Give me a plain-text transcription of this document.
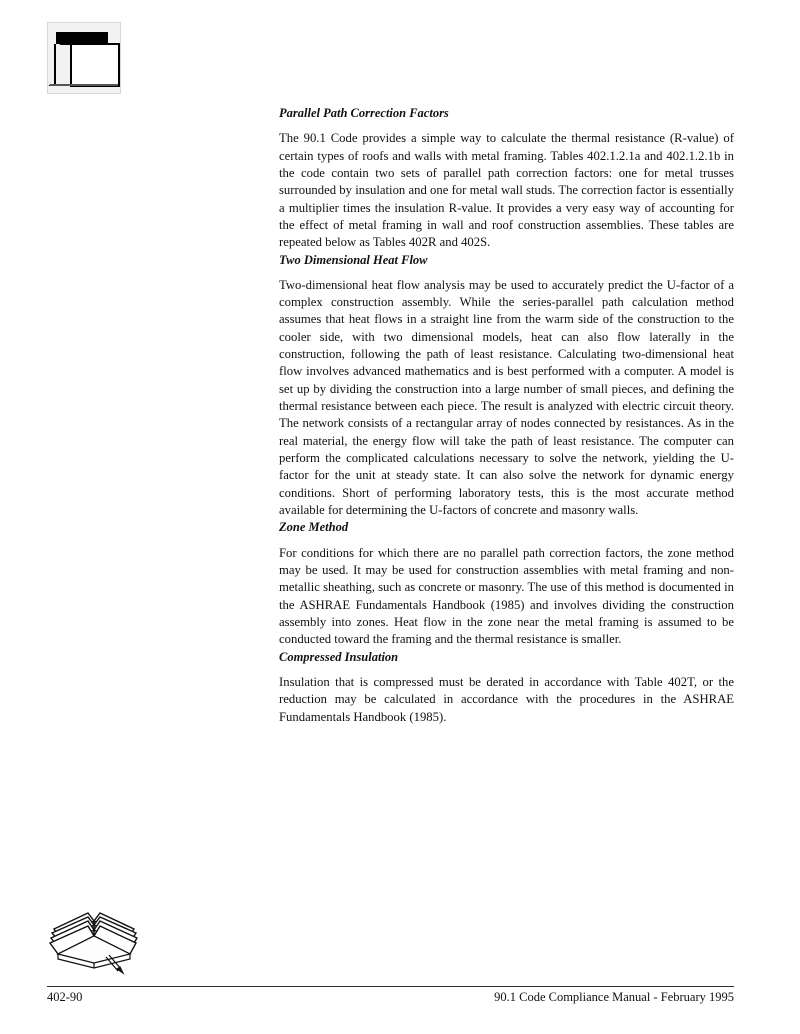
Parallel Path Correction Factors

The 90.1 Code provides a simple way to calculate the thermal resistance (R-value) of certain types of roofs and walls with metal framing. Tables 402.1.2.1a and 402.1.2.1b in the code contain two sets of parallel path correction factors: one for metal trusses surrounded by insulation and one for metal wall studs. The correction factor is essentially a multiplier times the insulation R-value. It provides a very easy way of accounting for the effect of metal framing in wall and roof construction assemblies. These tables are repeated below as Tables 402R and 402S.

Two Dimensional Heat Flow

Two-dimensional heat flow analysis may be used to accurately predict the U-factor of a complex construction assembly. While the series-parallel path calculation method assumes that heat flows in a straight line from the warm side of the construction to the cooler side, with two dimensional models, heat can also flow laterally in the construction, following the path of least resistance. Calculating two-dimensional heat flow involves advanced mathematics and is best performed with a computer. A model is set up by dividing the construction into a large number of small pieces, and defining the thermal resistance between each piece. The result is analyzed with electric circuit theory. The network consists of a rectangular array of nodes connected by resistances. As in the real material, the energy flow will take the path of least resistance. The computer can perform the complicated calculations necessary to solve the network, yielding the U-factor for the unit at steady state. It can also solve the network for dynamic energy conditions. Short of performing laboratory tests, this is the most accurate method available for determining the U-factors of concrete and masonry walls.

Zone Method

For conditions for which there are no parallel path correction factors, the zone method may be used. It may be used for construction assemblies with metal framing and non-metallic sheathing, such as concrete or masonry. The use of this method is documented in the ASHRAE Fundamentals Handbook (1985) and involves dividing the construction assembly into zones. Heat flow in the zone near the metal framing is assumed to be conducted toward the framing and the thermal resistance is smaller.

Compressed Insulation

Insulation that is compressed must be derated in accordance with Table 402T, or the reduction may be calculated in accordance with the procedures in the ASHRAE Fundamentals Handbook (1985).

402-90	90.1 Code Compliance Manual - February 1995
